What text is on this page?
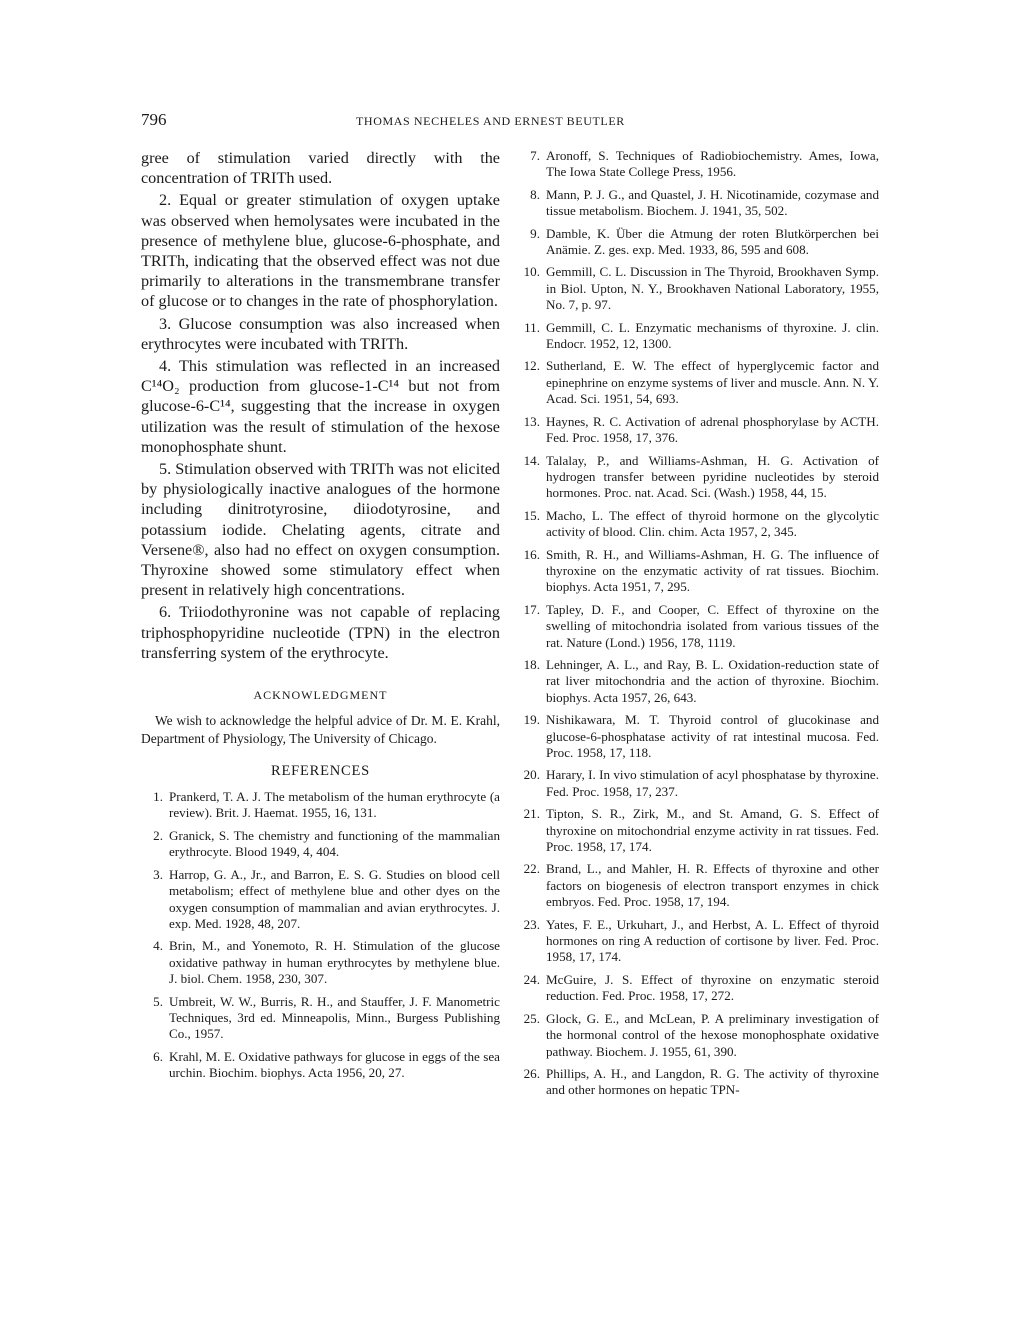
796	THOMAS NECHELES AND ERNEST BEUTLER

gree of stimulation varied directly with the concentration of TRITh used.

2. Equal or greater stimulation of oxygen uptake was observed when hemolysates were incubated in the presence of methylene blue, glucose-6-phosphate, and TRITh, indicating that the observed effect was not due primarily to alterations in the transmembrane transfer of glucose or to changes in the rate of phosphorylation.

3. Glucose consumption was also increased when erythrocytes were incubated with TRITh.

4. This stimulation was reflected in an increased C¹⁴O₂ production from glucose-1-C¹⁴ but not from glucose-6-C¹⁴, suggesting that the increase in oxygen utilization was the result of stimulation of the hexose monophosphate shunt.

5. Stimulation observed with TRITh was not elicited by physiologically inactive analogues of the hormone including dinitrotyrosine, diiodotyrosine, and potassium iodide. Chelating agents, citrate and Versene®, also had no effect on oxygen consumption. Thyroxine showed some stimulatory effect when present in relatively high concentrations.

6. Triiodothyronine was not capable of replacing triphosphopyridine nucleotide (TPN) in the electron transferring system of the erythrocyte.

ACKNOWLEDGMENT
We wish to acknowledge the helpful advice of Dr. M. E. Krahl, Department of Physiology, The University of Chicago.
REFERENCES
1. Prankerd, T. A. J. The metabolism of the human erythrocyte (a review). Brit. J. Haemat. 1955, 16, 131.
2. Granick, S. The chemistry and functioning of the mammalian erythrocyte. Blood 1949, 4, 404.
3. Harrop, G. A., Jr., and Barron, E. S. G. Studies on blood cell metabolism; effect of methylene blue and other dyes on the oxygen consumption of mammalian and avian erythrocytes. J. exp. Med. 1928, 48, 207.
4. Brin, M., and Yonemoto, R. H. Stimulation of the glucose oxidative pathway in human erythrocytes by methylene blue. J. biol. Chem. 1958, 230, 307.
5. Umbreit, W. W., Burris, R. H., and Stauffer, J. F. Manometric Techniques, 3rd ed. Minneapolis, Minn., Burgess Publishing Co., 1957.
6. Krahl, M. E. Oxidative pathways for glucose in eggs of the sea urchin. Biochim. biophys. Acta 1956, 20, 27.
7. Aronoff, S. Techniques of Radiobiochemistry. Ames, Iowa, The Iowa State College Press, 1956.
8. Mann, P. J. G., and Quastel, J. H. Nicotinamide, cozymase and tissue metabolism. Biochem. J. 1941, 35, 502.
9. Damble, K. Über die Atmung der roten Blutkörperchen bei Anämie. Z. ges. exp. Med. 1933, 86, 595 and 608.
10. Gemmill, C. L. Discussion in The Thyroid, Brookhaven Symp. in Biol. Upton, N. Y., Brookhaven National Laboratory, 1955, No. 7, p. 97.
11. Gemmill, C. L. Enzymatic mechanisms of thyroxine. J. clin. Endocr. 1952, 12, 1300.
12. Sutherland, E. W. The effect of hyperglycemic factor and epinephrine on enzyme systems of liver and muscle. Ann. N. Y. Acad. Sci. 1951, 54, 693.
13. Haynes, R. C. Activation of adrenal phosphorylase by ACTH. Fed. Proc. 1958, 17, 376.
14. Talalay, P., and Williams-Ashman, H. G. Activation of hydrogen transfer between pyridine nucleotides by steroid hormones. Proc. nat. Acad. Sci. (Wash.) 1958, 44, 15.
15. Macho, L. The effect of thyroid hormone on the glycolytic activity of blood. Clin. chim. Acta 1957, 2, 345.
16. Smith, R. H., and Williams-Ashman, H. G. The influence of thyroxine on the enzymatic activity of rat tissues. Biochim. biophys. Acta 1951, 7, 295.
17. Tapley, D. F., and Cooper, C. Effect of thyroxine on the swelling of mitochondria isolated from various tissues of the rat. Nature (Lond.) 1956, 178, 1119.
18. Lehninger, A. L., and Ray, B. L. Oxidation-reduction state of rat liver mitochondria and the action of thyroxine. Biochim. biophys. Acta 1957, 26, 643.
19. Nishikawara, M. T. Thyroid control of glucokinase and glucose-6-phosphatase activity of rat intestinal mucosa. Fed. Proc. 1958, 17, 118.
20. Harary, I. In vivo stimulation of acyl phosphatase by thyroxine. Fed. Proc. 1958, 17, 237.
21. Tipton, S. R., Zirk, M., and St. Amand, G. S. Effect of thyroxine on mitochondrial enzyme activity in rat tissues. Fed. Proc. 1958, 17, 174.
22. Brand, L., and Mahler, H. R. Effects of thyroxine and other factors on biogenesis of electron transport enzymes in chick embryos. Fed. Proc. 1958, 17, 194.
23. Yates, F. E., Urkuhart, J., and Herbst, A. L. Effect of thyroid hormones on ring A reduction of cortisone by liver. Fed. Proc. 1958, 17, 174.
24. McGuire, J. S. Effect of thyroxine on enzymatic steroid reduction. Fed. Proc. 1958, 17, 272.
25. Glock, G. E., and McLean, P. A preliminary investigation of the hormonal control of the hexose monophosphate oxidative pathway. Biochem. J. 1955, 61, 390.
26. Phillips, A. H., and Langdon, R. G. The activity of thyroxine and other hormones on hepatic TPN-
